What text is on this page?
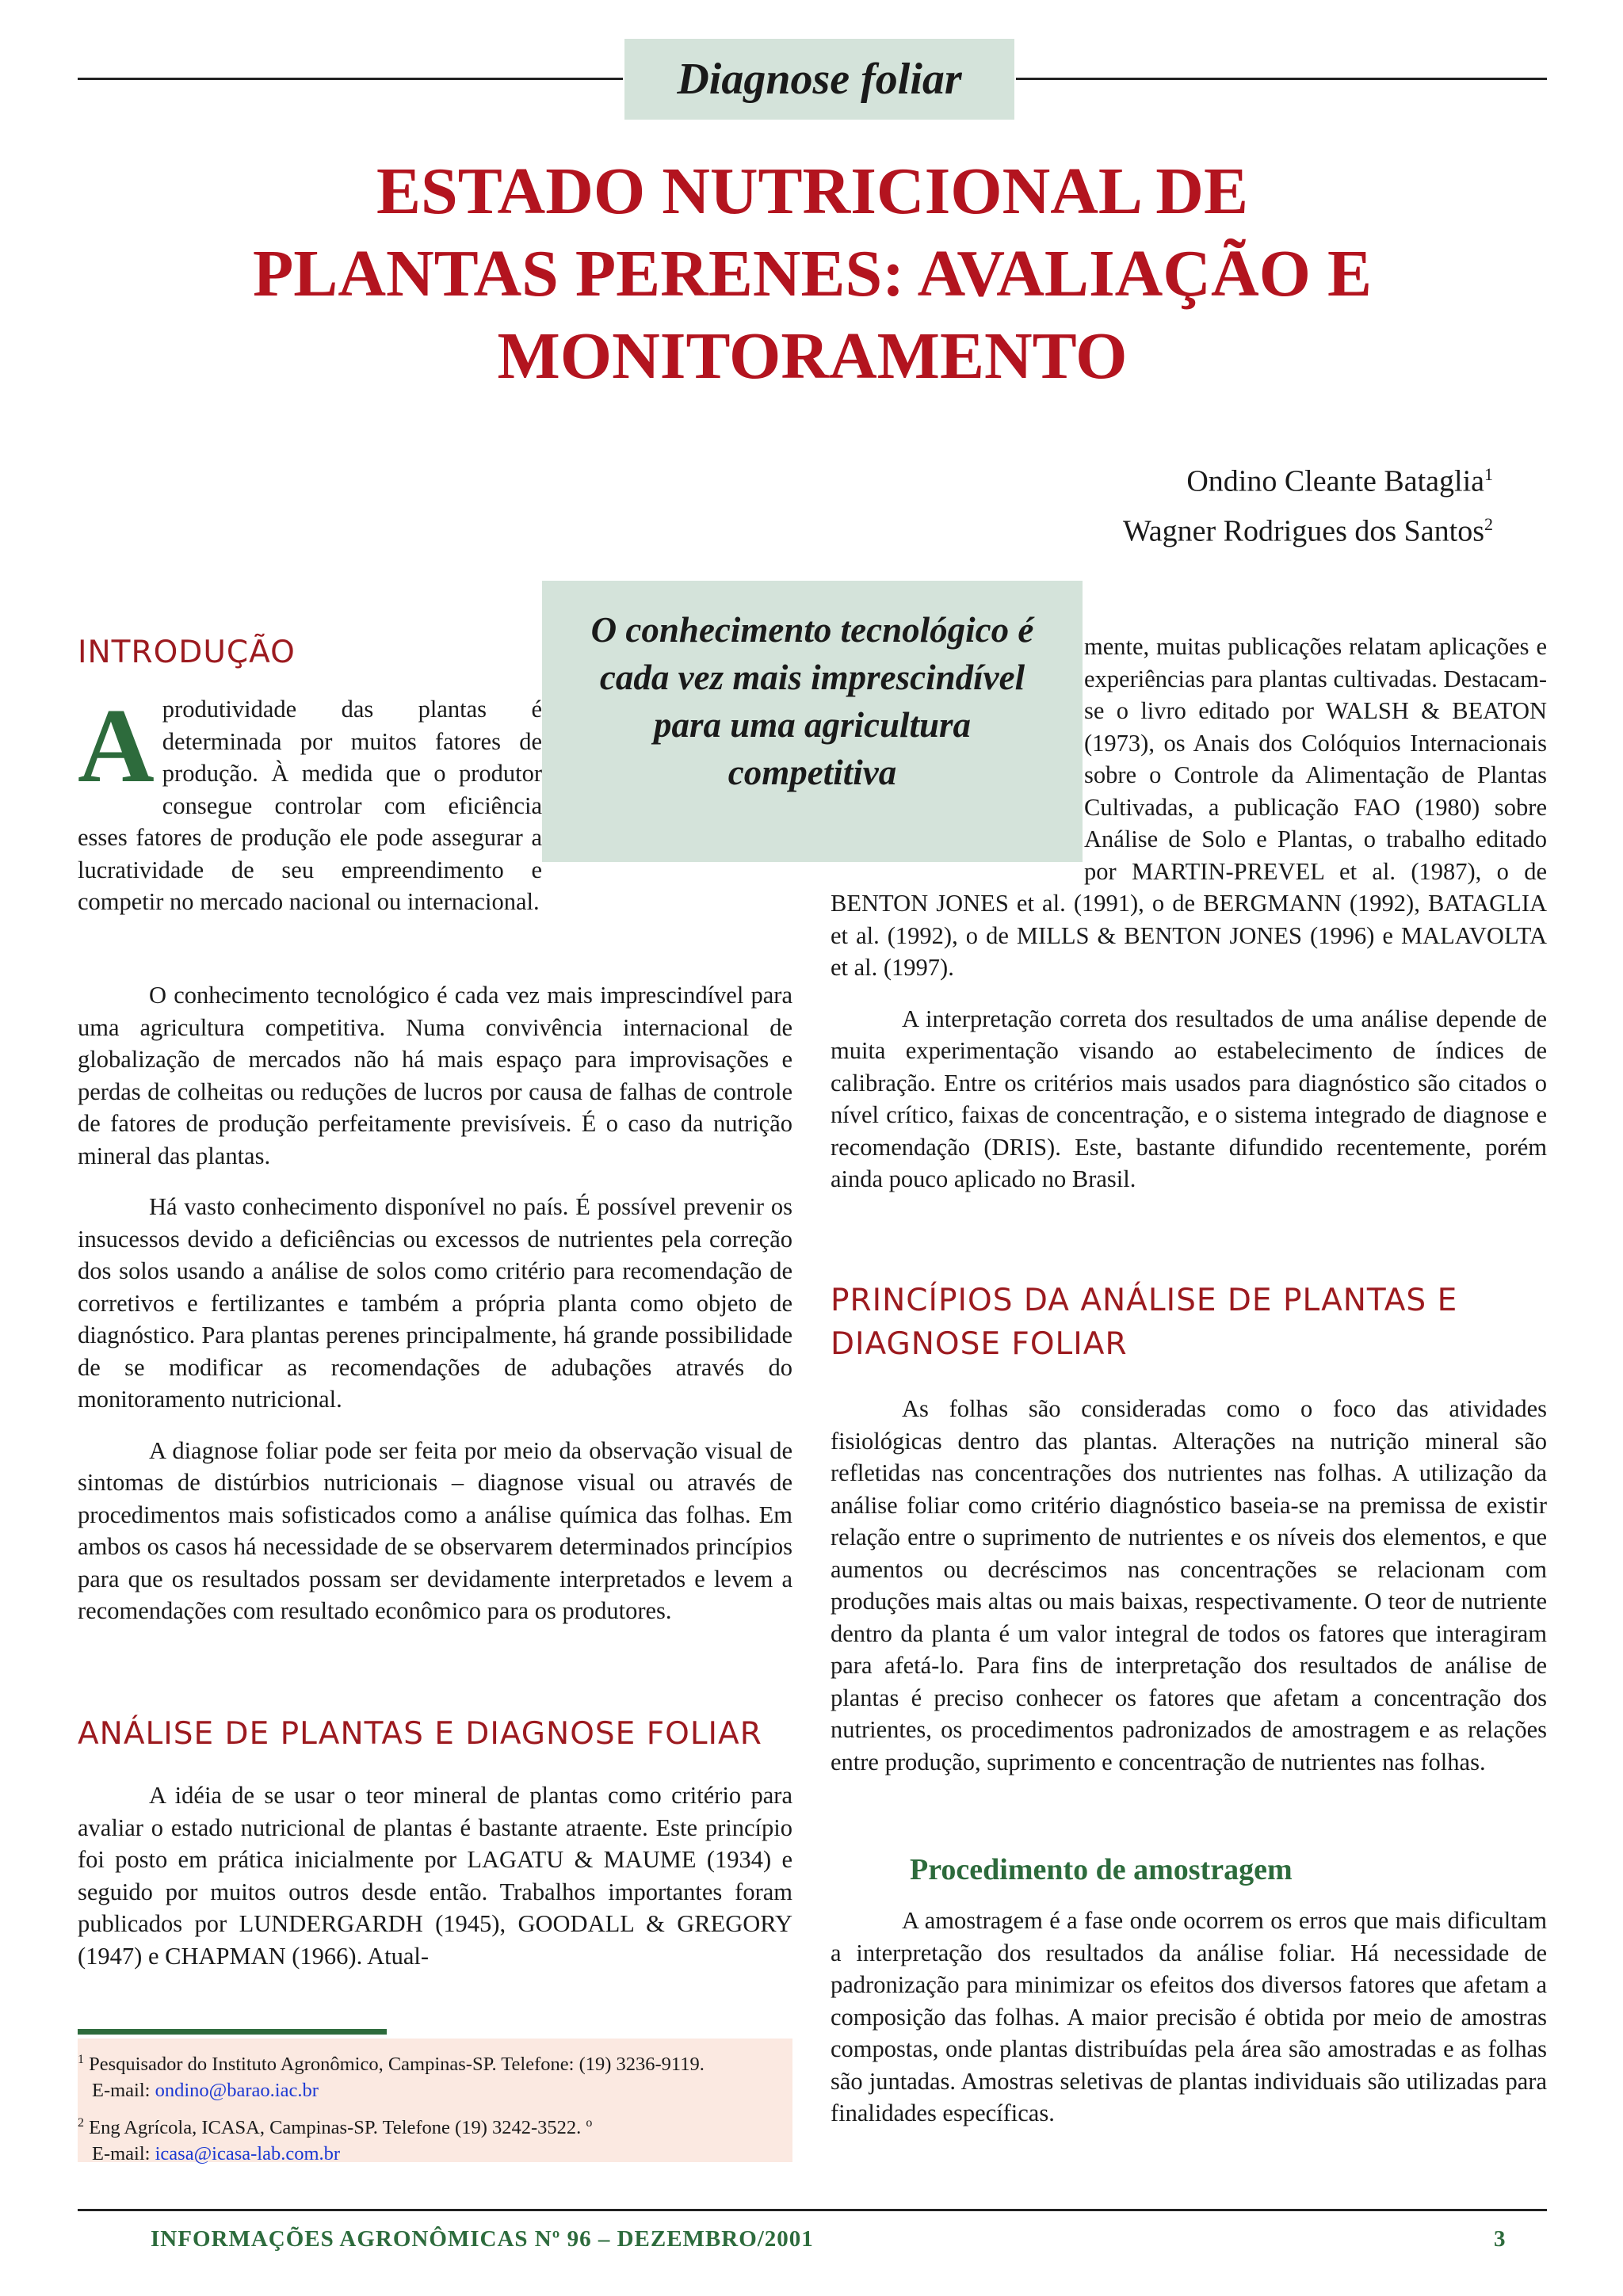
Diagnose foliar
ESTADO NUTRICIONAL DE
PLANTAS PERENES: AVALIAÇÃO E
MONITORAMENTO
Ondino Cleante Bataglia$^1$
Wagner Rodrigues dos Santos$^2$
O conhecimento tecnológico é cada vez mais imprescindível para uma agricultura competitiva
INTRODUÇÃO

Aprodutividade das plantas é determinada por muitos fatores de produção. À medida que o produtor consegue controlar com eficiência esses fatores de produção ele pode assegurar a lucratividade de seu empreendimento e competir no mercado nacional ou internacional.

O conhecimento tecnológico é cada vez mais imprescindível para uma agricultura competitiva. Numa convivência internacional de globalização de mercados não há mais espaço para improvisações e perdas de colheitas ou reduções de lucros por causa de falhas de controle de fatores de produção perfeitamente previsíveis. É o caso da nutrição mineral das plantas.

Há vasto conhecimento disponível no país. É possível prevenir os insucessos devido a deficiências ou excessos de nutrientes pela correção dos solos usando a análise de solos como critério para recomendação de corretivos e fertilizantes e também a própria planta como objeto de diagnóstico. Para plantas perenes principalmente, há grande possibilidade de se modificar as recomendações de adubações através do monitoramento nutricional.

A diagnose foliar pode ser feita por meio da observação visual de sintomas de distúrbios nutricionais – diagnose visual ou através de procedimentos mais sofisticados como a análise química das folhas. Em ambos os casos há necessidade de se observarem determinados princípios para que os resultados possam ser devidamente interpretados e levem a recomendações com resultado econômico para os produtores.

ANÁLISE DE PLANTAS E DIAGNOSE FOLIAR

A idéia de se usar o teor mineral de plantas como critério para avaliar o estado nutricional de plantas é bastante atraente. Este princípio foi posto em prática inicialmente por LAGATU & MAUME (1934) e seguido por muitos outros desde então. Trabalhos importantes foram publicados por LUNDERGARDH (1945), GOODALL & GREGORY (1947) e CHAPMAN (1966). Atual-

$^1$ Pesquisador do Instituto Agronômico, Campinas-SP. Telefone: (19) 3236-9119.
E-mail: ondino@barao.iac.br

$^2$ Eng Agrícola, ICASA, Campinas-SP. Telefone (19) 3242-3522. $^o$
E-mail: icasa@icasa-lab.com.br

mente, muitas publicações relatam aplicações e experiências para plantas cultivadas. Destacam-se o livro editado por WALSH & BEATON (1973), os Anais dos Colóquios Internacionais sobre o Controle da Alimentação de Plantas Cultivadas, a publicação FAO (1980) sobre Análise de Solo e Plantas, o trabalho editado por MARTIN-PREVEL et al. (1987), o de BENTON JONES et al. (1991), o de BERGMANN (1992), BATAGLIA et al. (1992), o de MILLS & BENTON JONES (1996) e MALAVOLTA et al. (1997).

A interpretação correta dos resultados de uma análise depende de muita experimentação visando ao estabelecimento de índices de calibração. Entre os critérios mais usados para diagnóstico são citados o nível crítico, faixas de concentração, e o sistema integrado de diagnose e recomendação (DRIS). Este, bastante difundido recentemente, porém ainda pouco aplicado no Brasil.

PRINCÍPIOS DA ANÁLISE DE PLANTAS E DIAGNOSE FOLIAR

As folhas são consideradas como o foco das atividades fisiológicas dentro das plantas. Alterações na nutrição mineral são refletidas nas concentrações dos nutrientes nas folhas. A utilização da análise foliar como critério diagnóstico baseia-se na premissa de existir relação entre o suprimento de nutrientes e os níveis dos elementos, e que aumentos ou decréscimos nas concentrações se relacionam com produções mais altas ou mais baixas, respectivamente. O teor de nutriente dentro da planta é um valor integral de todos os fatores que interagiram para afetá-lo. Para fins de interpretação dos resultados de análise de plantas é preciso conhecer os fatores que afetam a concentração dos nutrientes, os procedimentos padronizados de amostragem e as relações entre produção, suprimento e concentração de nutrientes nas folhas.

Procedimento de amostragem

A amostragem é a fase onde ocorrem os erros que mais dificultam a interpretação dos resultados da análise foliar. Há necessidade de padronização para minimizar os efeitos dos diversos fatores que afetam a composição das folhas. A maior precisão é obtida por meio de amostras compostas, onde plantas distribuídas pela área são amostradas e as folhas são juntadas. Amostras seletivas de plantas individuais são utilizadas para finalidades específicas.

INFORMAÇÕES AGRONÔMICAS Nº 96 – DEZEMBRO/2001	3
